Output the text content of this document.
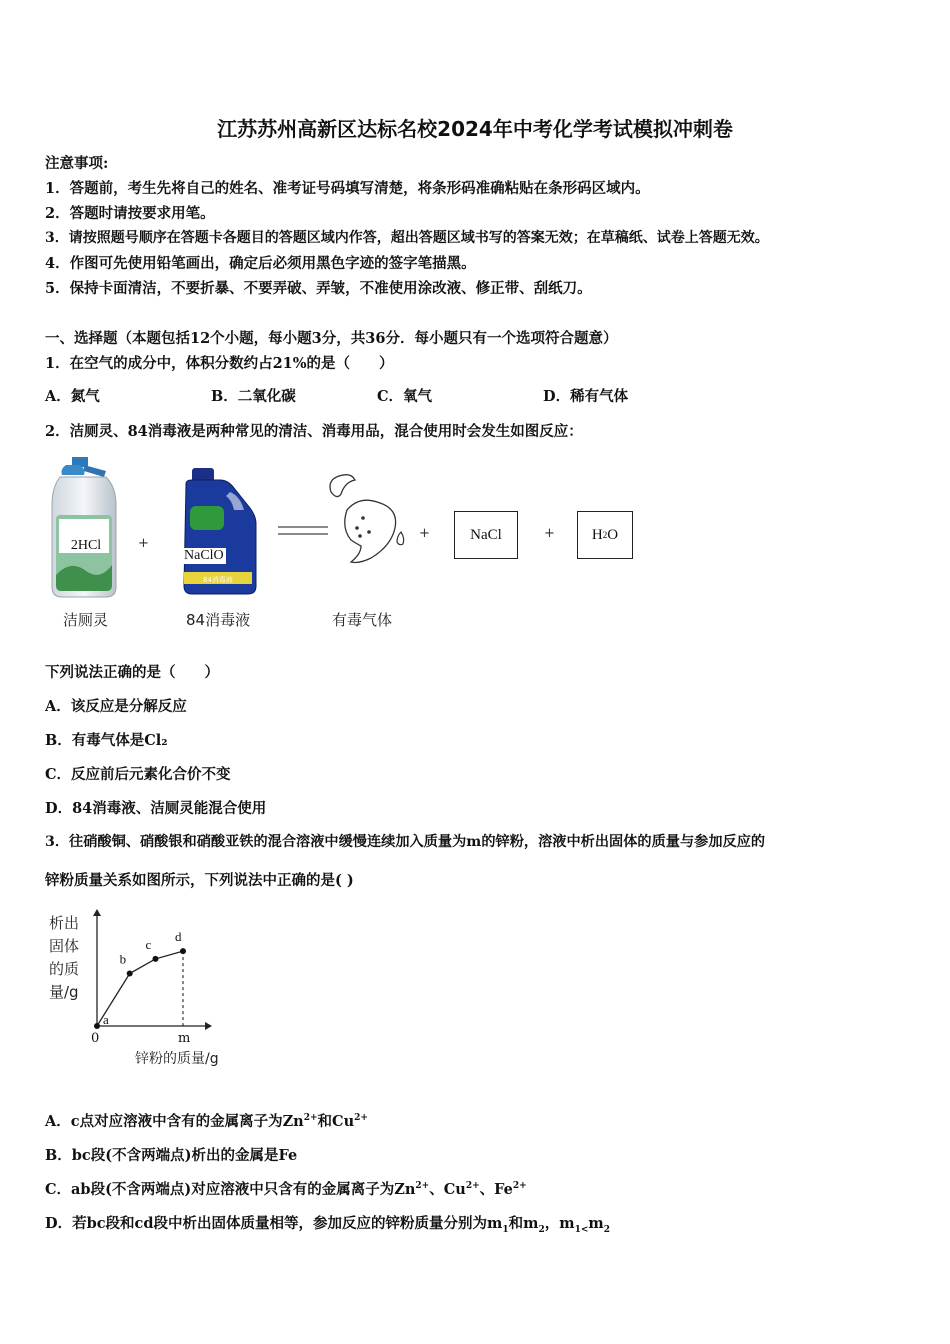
江苏苏州高新区达标名校2024年中考化学考试模拟冲刺卷
注意事项:
1．答题前，考生先将自己的姓名、准考证号码填写清楚，将条形码准确粘贴在条形码区域内。
2．答题时请按要求用笔。
3．请按照题号顺序在答题卡各题目的答题区域内作答，超出答题区域书写的答案无效；在草稿纸、试卷上答题无效。
4．作图可先使用铅笔画出，确定后必须用黑色字迹的签字笔描黑。
5．保持卡面清洁，不要折暴、不要弄破、弄皱，不准使用涂改液、修正带、刮纸刀。
一、选择题（本题包括12个小题，每小题3分，共36分．每小题只有一个选项符合题意）
1．在空气的成分中，体积分数约占21%的是（　　）
A．氮气	B．二氧化碳	C．氧气	D．稀有气体
2．洁厕灵、84消毒液是两种常见的清洁、消毒用品，混合使用时会发生如图反应：
2HCl	+
NaClO
84消毒液
+	NaCl	+ H 2 O
洁厕灵	84消毒液	有毒气体
下列说法正确的是（　　）
A．该反应是分解反应
B．有毒气体是Cl₂
C．反应前后元素化合价不变
D．84消毒液、洁厕灵能混合使用
3．往硝酸铜、硝酸银和硝酸亚铁的混合溶液中缓慢连续加入质量为m的锌粉，溶液中析出固体的质量与参加反应的
锌粉质量关系如图所示，下列说法中正确的是( )
析出
固体
的质
量/g
a
b
c
d
0	m
锌粉的质量/g
A．c点对应溶液中含有的金属离子为$Zn^{2+}$和$Cu^{2+}$
B．bc段(不含两端点)析出的金属是Fe
C．ab段(不含两端点)对应溶液中只含有的金属离子为$Zn^{2+}$、$Cu^{2+}$、$Fe^{2+}$
D．若bc段和cd段中析出固体质量相等，参加反应的锌粉质量分别为$m_1$和$m_2$，$m_{1<}m_2$
